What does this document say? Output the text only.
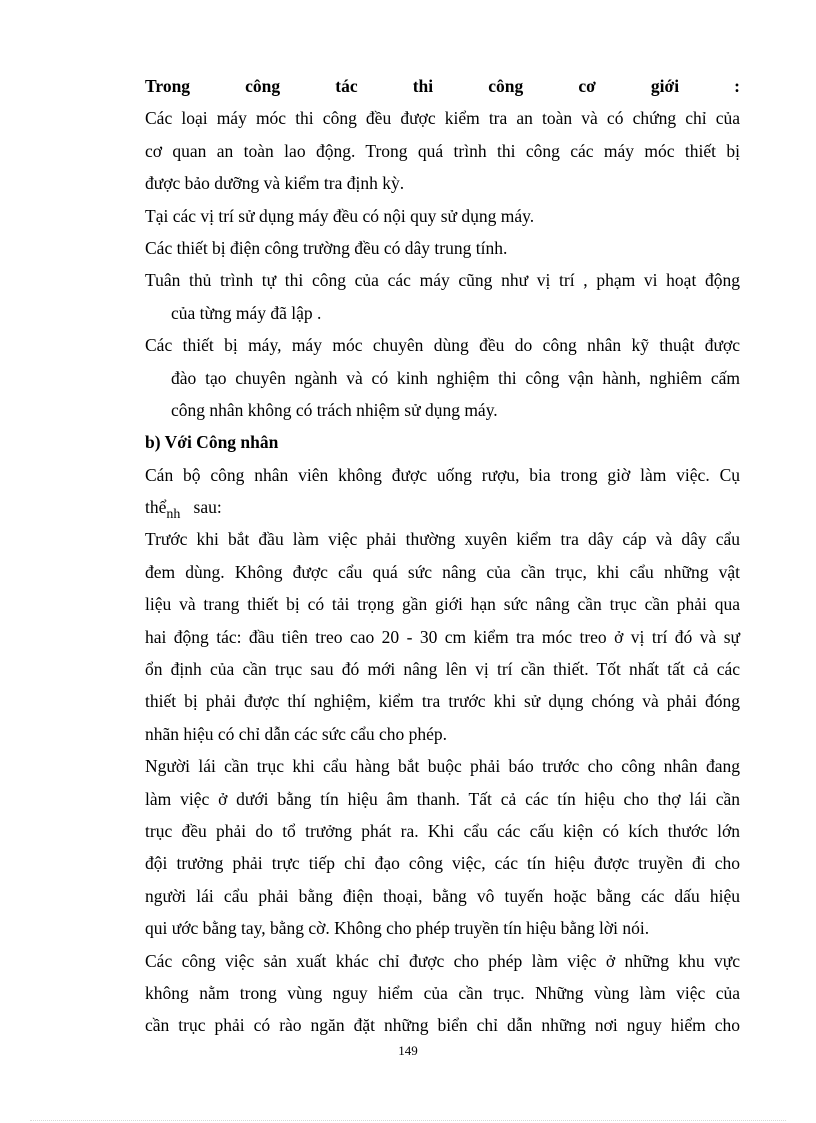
Trong công tác thi công cơ giới :
Các loại máy móc thi công đều được kiểm tra an toàn và có chứng chỉ của
cơ quan an toàn lao động. Trong quá trình thi công các máy móc thiết bị
được bảo dưỡng và kiểm tra định kỳ.
Tại các vị trí sử dụng máy đều có nội quy sử dụng máy.
Các thiết bị điện công trường đều có dây trung tính.
Tuân thủ trình tự thi công của các máy cũng như vị trí , phạm vi hoạt động
của từng máy đã lập .
Các thiết bị máy, máy móc chuyên dùng đều do công nhân kỹ thuật được
đào tạo chuyên ngành và có kinh nghiệm thi công vận hành, nghiêm cấm
công nhân không có trách nhiệm sử dụng máy.
b) Với Công nhân
Cán bộ công nhân viên không được uống rượu, bia trong giờ làm việc. Cụ
thể$_{nh}$ sau:
Trước khi bắt đầu làm việc phải thường xuyên kiểm tra dây cáp và dây cẩu
đem dùng. Không được cẩu quá sức nâng của cần trục, khi cẩu những vật
liệu và trang thiết bị có tải trọng gần giới hạn sức nâng cần trục cần phải qua
hai động tác: đầu tiên treo cao 20 - 30 cm kiểm tra móc treo ở vị trí đó và sự
ổn định của cần trục sau đó mới nâng lên vị trí cần thiết. Tốt nhất tất cả các
thiết bị phải được thí nghiệm, kiểm tra trước khi sử dụng chóng và phải đóng
nhãn hiệu có chỉ dẫn các sức cẩu cho phép.
Người lái cần trục khi cẩu hàng bắt buộc phải báo trước cho công nhân đang
làm việc ở dưới bằng tín hiệu âm thanh. Tất cả các tín hiệu cho thợ lái cần
trục đều phải do tổ trưởng phát ra. Khi cẩu các cấu kiện có kích thước lớn
đội trưởng phải trực tiếp chỉ đạo công việc, các tín hiệu được truyền đi cho
người lái cẩu phải bằng điện thoại, bằng vô tuyến hoặc bằng các dấu hiệu
qui ước bằng tay, bằng cờ. Không cho phép truyền tín hiệu bằng lời nói.
Các công việc sản xuất khác chỉ được cho phép làm việc ở những khu vực
không nằm trong vùng nguy hiểm của cần trục. Những vùng làm việc của
cần trục phải có rào ngăn đặt những biển chỉ dẫn những nơi nguy hiểm cho
149
